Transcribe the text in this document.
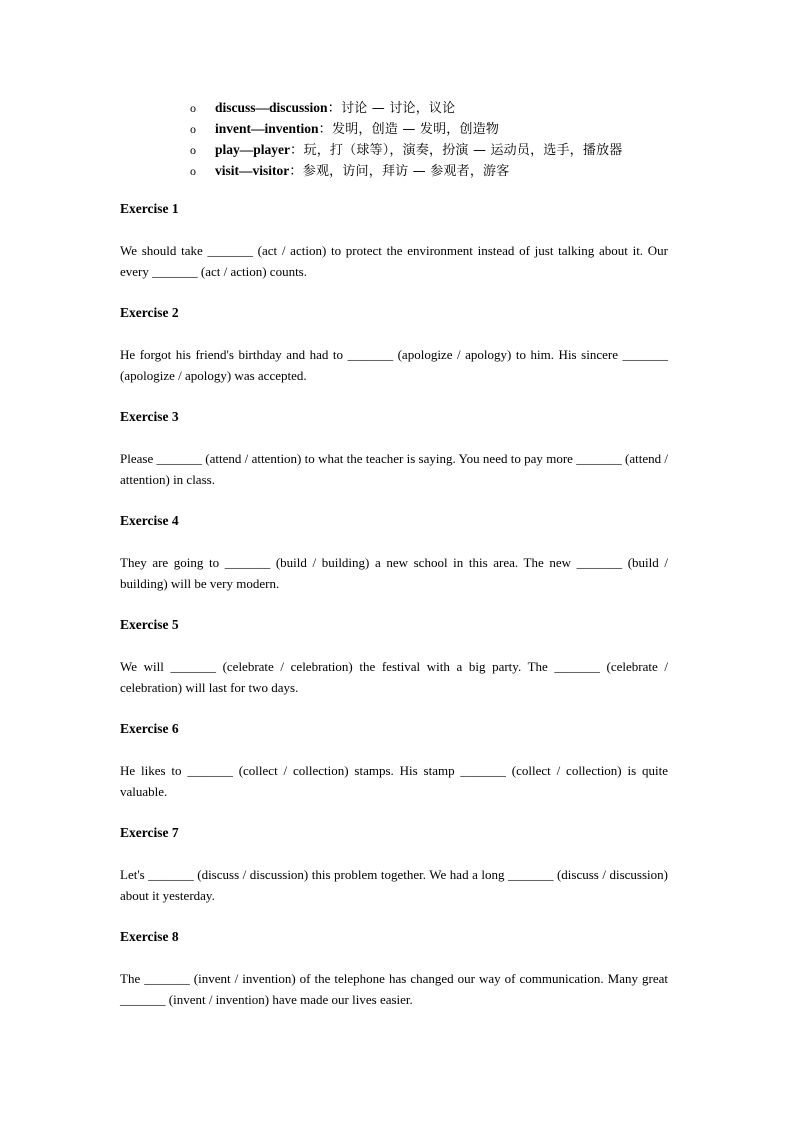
o	discuss—discussion ： 讨论 — 讨论，议论
o	invent—invention ： 发明，创造 — 发明，创造物
o	play—player ： 玩，打（球等），演奏，扮演 — 运动员，选手，播放器
o	visit—visitor ： 参观，访问，拜访 — 参观者，游客

Exercise 1

We should take _______ (act / action) to protect the environment instead of just talking about it. Our every _______ (act / action) counts.

Exercise 2

He forgot his friend's birthday and had to _______ (apologize / apology) to him. His sincere _______ (apologize / apology) was accepted.

Exercise 3

Please _______ (attend / attention) to what the teacher is saying. You need to pay more _______ (attend / attention) in class.

Exercise 4

They are going to _______ (build / building) a new school in this area. The new _______ (build / building) will be very modern.

Exercise 5

We will _______ (celebrate / celebration) the festival with a big party. The _______ (celebrate / celebration) will last for two days.

Exercise 6

He likes to _______ (collect / collection) stamps. His stamp _______ (collect / collection) is quite valuable.

Exercise 7

Let's _______ (discuss / discussion) this problem together. We had a long _______ (discuss / discussion) about it yesterday.

Exercise 8

The _______ (invent / invention) of the telephone has changed our way of communication. Many great _______ (invent / invention) have made our lives easier.
